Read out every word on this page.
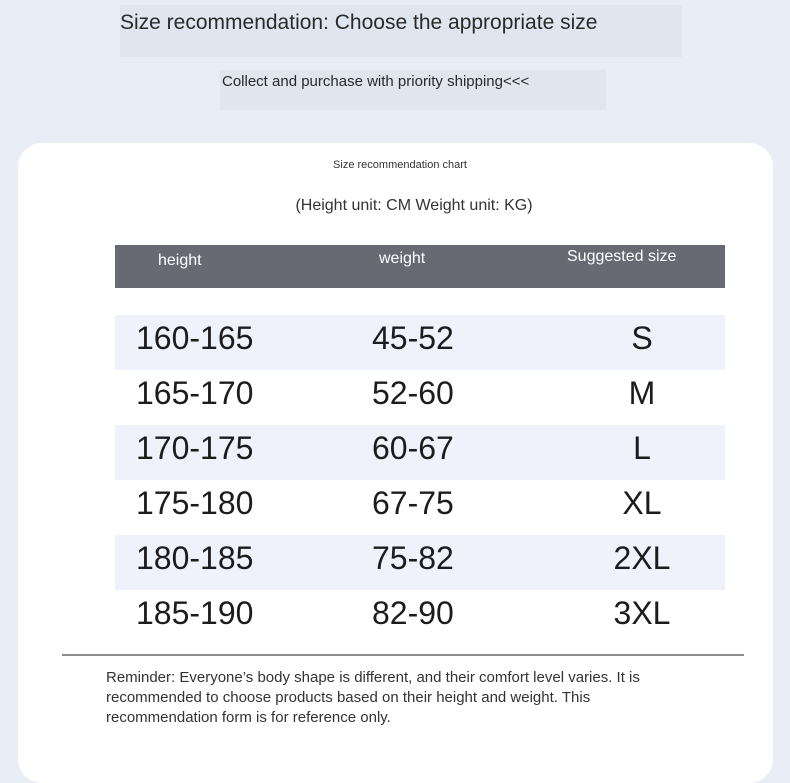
Size recommendation: Choose the appropriate size
Collect and purchase with priority shipping<<<
Size recommendation chart
(Height unit: CM Weight unit: KG)
height	weight	Suggested size
160-165	45-52	S
165-170	52-60	M
170-175	60-67	L
175-180	67-75	XL
180-185	75-82	2XL
185-190	82-90	3XL
Reminder: Everyone’s body shape is different, and their comfort level varies. It is recommended to choose products based on their height and weight. This recommendation form is for reference only.
